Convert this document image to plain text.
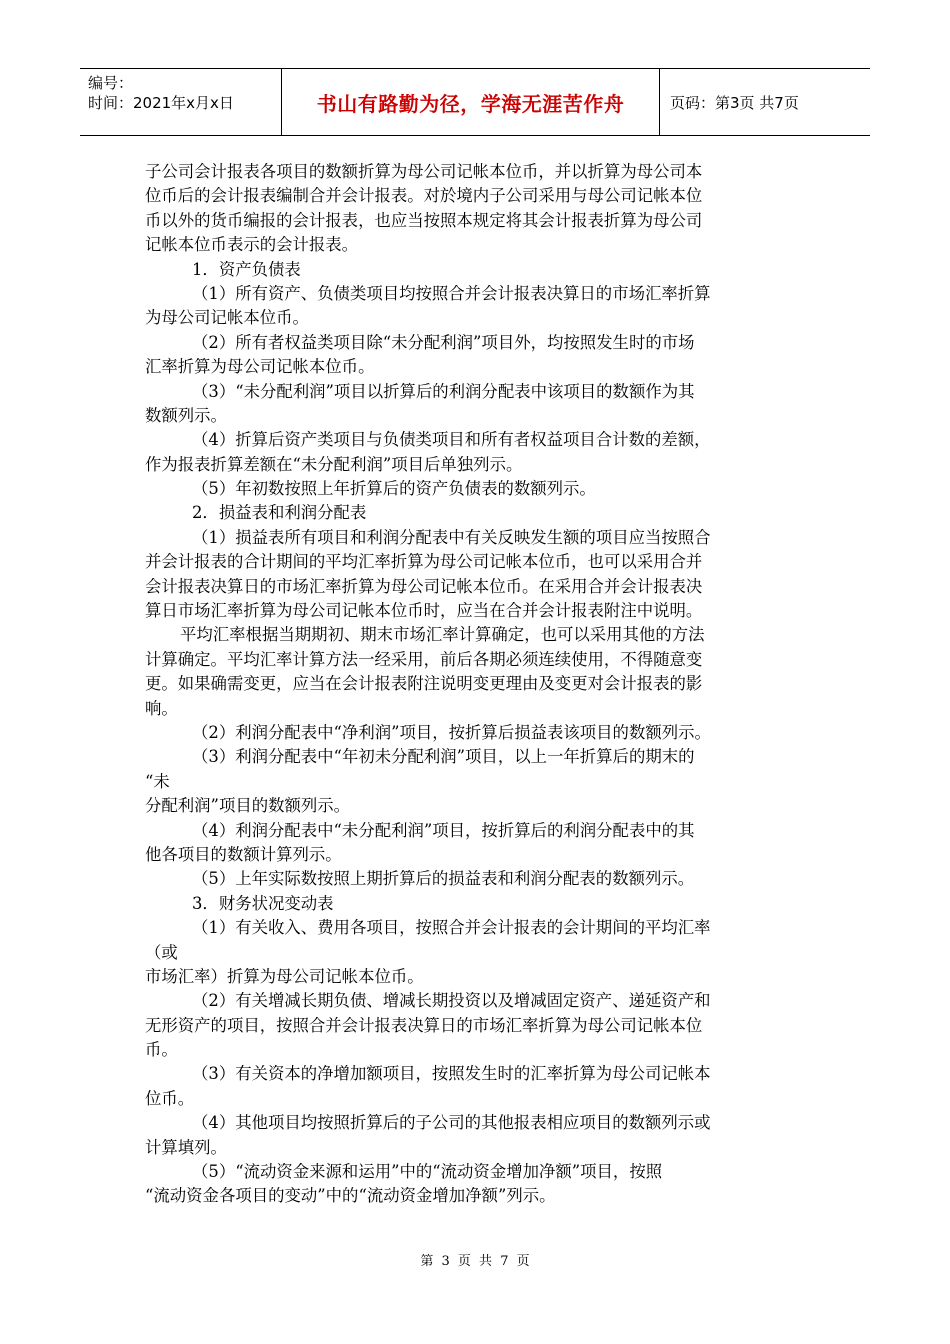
编号：
时间：2021年x月x日	书山有路勤为径，学海无涯苦作舟	页码：第3页 共7页
子公司会计报表各项目的数额折算为母公司记帐本位币，并以折算为母公司本
位币后的会计报表编制合并会计报表。对於境内子公司采用与母公司记帐本位
币以外的货币编报的会计报表，也应当按照本规定将其会计报表折算为母公司
记帐本位币表示的会计报表。
1．资产负债表
（1）所有资产、负债类项目均按照合并会计报表决算日的市场汇率折算
为母公司记帐本位币。
（2）所有者权益类项目除“未分配利润”项目外，均按照发生时的市场
汇率折算为母公司记帐本位币。
（3）“未分配利润”项目以折算后的利润分配表中该项目的数额作为其
数额列示。
（4）折算后资产类项目与负债类项目和所有者权益项目合计数的差额，
作为报表折算差额在“未分配利润”项目后单独列示。
（5）年初数按照上年折算后的资产负债表的数额列示。
2．损益表和利润分配表
（1）损益表所有项目和利润分配表中有关反映发生额的项目应当按照合
并会计报表的合计期间的平均汇率折算为母公司记帐本位币，也可以采用合并
会计报表决算日的市场汇率折算为母公司记帐本位币。在采用合并会计报表决
算日市场汇率折算为母公司记帐本位币时，应当在合并会计报表附注中说明。
平均汇率根据当期期初、期末市场汇率计算确定，也可以采用其他的方法
计算确定。平均汇率计算方法一经采用，前后各期必须连续使用，不得随意变
更。如果确需变更，应当在会计报表附注说明变更理由及变更对会计报表的影
响。
（2）利润分配表中“净利润”项目，按折算后损益表该项目的数额列示。
（3）利润分配表中“年初未分配利润”项目，以上一年折算后的期末的
“未
分配利润”项目的数额列示。
（4）利润分配表中“未分配利润”项目，按折算后的利润分配表中的其
他各项目的数额计算列示。
（5）上年实际数按照上期折算后的损益表和利润分配表的数额列示。
3．财务状况变动表
（1）有关收入、费用各项目，按照合并会计报表的会计期间的平均汇率
（或
市场汇率）折算为母公司记帐本位币。
（2）有关增减长期负债、增减长期投资以及增减固定资产、递延资产和
无形资产的项目，按照合并会计报表决算日的市场汇率折算为母公司记帐本位
币。
（3）有关资本的净增加额项目，按照发生时的汇率折算为母公司记帐本
位币。
（4）其他项目均按照折算后的子公司的其他报表相应项目的数额列示或
计算填列。
（5）“流动资金来源和运用”中的“流动资金增加净额”项目，按照
“流动资金各项目的变动”中的“流动资金增加净额”列示。
第 3 页 共 7 页
